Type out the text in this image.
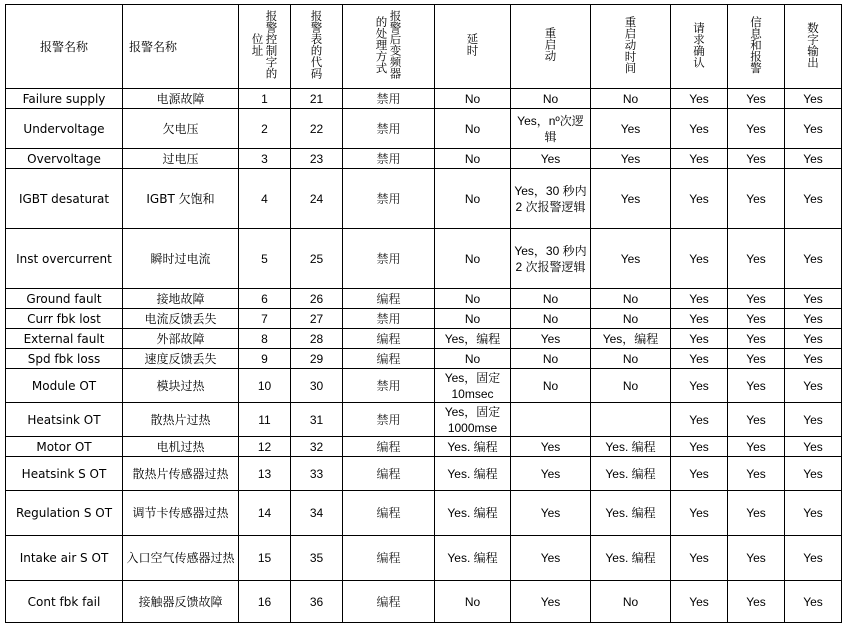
报警名称	报警名称	报警控制字的位址	报警表的代码	报警后变频器的处理方式	延时	重启动	重启动时间	请求确认	信息和报警	数字输出
Failure supply	电源故障	1	21	禁用	No	No	No	Yes	Yes	Yes
Undervoltage	欠电压	2	22	禁用	No	Yes，nº次逻辑	Yes	Yes	Yes	Yes
Overvoltage	过电压	3	23	禁用	No	Yes	Yes	Yes	Yes	Yes
IGBT desaturat	IGBT 欠饱和	4	24	禁用	No	Yes，30 秒内 2 次报警逻辑	Yes	Yes	Yes	Yes
Inst overcurrent	瞬时过电流	5	25	禁用	No	Yes，30 秒内 2 次报警逻辑	Yes	Yes	Yes	Yes
Ground fault	接地故障	6	26	编程	No	No	No	Yes	Yes	Yes
Curr fbk lost	电流反馈丢失	7	27	禁用	No	No	No	Yes	Yes	Yes
External fault	外部故障	8	28	编程	Yes，编程	Yes	Yes，编程	Yes	Yes	Yes
Spd fbk loss	速度反馈丢失	9	29	编程	No	No	No	Yes	Yes	Yes
Module OT	模块过热	10	30	禁用	Yes，固定10msec	No	No	Yes	Yes	Yes
Heatsink OT	散热片过热	11	31	禁用	Yes，固定1000mse			Yes	Yes	Yes
Motor OT	电机过热	12	32	编程	Yes. 编程	Yes	Yes. 编程	Yes	Yes	Yes
Heatsink S OT	散热片传感器过热	13	33	编程	Yes. 编程	Yes	Yes. 编程	Yes	Yes	Yes
Regulation S OT	调节卡传感器过热	14	34	编程	Yes. 编程	Yes	Yes. 编程	Yes	Yes	Yes
Intake air S OT	入口空气传感器过热	15	35	编程	Yes. 编程	Yes	Yes. 编程	Yes	Yes	Yes
Cont fbk fail	接触器反馈故障	16	36	编程	No	Yes	No	Yes	Yes	Yes
